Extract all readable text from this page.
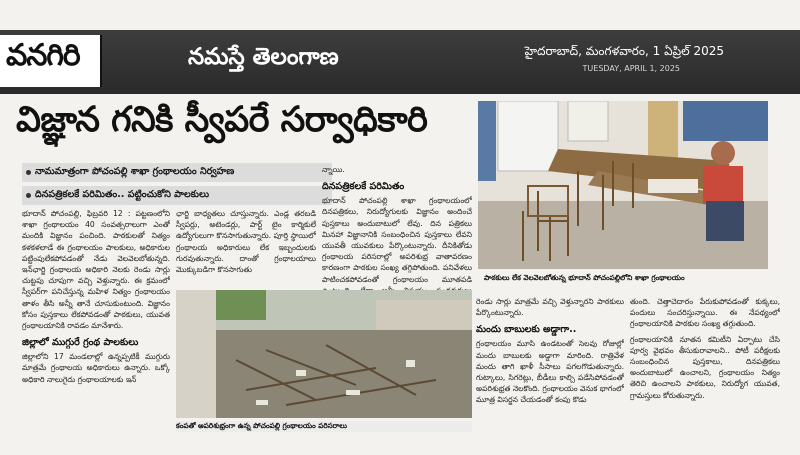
వనగిరి	నమస్తే తెలంగాణ	హైదరాబాద్, మంగళవారం, 1 ఏప్రిల్ 2025
TUESDAY, APRIL 1, 2025
విజ్ఞాన గనికి స్వీపరే సర్వాధికారి
నామమాత్రంగా పోచంపల్లి శాఖా గ్రంథాలయం నిర్వహణ
దినపత్రికలకే పరిమితం.. పట్టించుకోని పాలకులు

భూదాన్ పోచంపల్లి, ఫిబ్రవరి 12 : పట్టణంలోని శాఖా గ్రంథాలయం 40 సంవత్సరాలుగా ఎంతో మందికి విజ్ఞానం పంచింది. పాఠకులతో నిత్యం కళకళలాడే ఈ గ్రంథాలయం పాలకులు, అధికారుల పట్టింపులేకపోవడంతో నేడు వెలవెలబోతున్నది. ఇన్‌ఛార్జి గ్రంథాలయ అధికారి నెలకు రెండు సార్లు చుట్టపు చూపుగా వచ్చి వెళ్తున్నారు. ఈ క్రమంలో స్వీపర్‌గా పనిచేస్తున్న మహిళ నిత్యం గ్రంథాలయం తాళం తీసి అన్నీ తానే చూసుకుంటుంది. విజ్ఞానం కోసం పుస్తకాలు లేకపోవడంతో పాఠకులు, యువత గ్రంథాలయానికి రావడం మానేశారు.

జిల్లాలో ముగ్గురే గ్రంథ పాలకులు

జిల్లాలోని 17 మండలాల్లో ఉన్నప్పటికీ ముగ్గురు మాత్రమే గ్రంథాలయ అధికారులు ఉన్నారు. ఒక్కో అధికారి నాలుగైదు గ్రంథాలయాలకు ఇన్

ఛార్జి బాధ్యతలు చూస్తున్నారు. ఎండ్ల తరబడి స్వీపర్లు, అటెండర్లు, పార్ట్ టైం కార్మికులే ఉద్యోగులుగా కొనసాగుతున్నారు. పూర్తి స్థాయిలో గ్రంథాలయ అధికారులు లేక ఇబ్బందులకు గురవుతున్నారు. దాంతో గ్రంథాలయాలు మొక్కుబడిగా కొనసాగుతు

న్నాయి.

దినపత్రికలకే పరిమితం

భూదాన్ పోచంపల్లి శాఖా గ్రంథాలయంలో దినపత్రికలు, నిరుద్యోగులకు విజ్ఞానం అందించే పుస్తకాలు అందుబాటులో లేవు. దిన పత్రికలు మినహా విజ్ఞానానికి సంబంధించిన పుస్తకాలు లేవని యువతీ యువకులు పేర్కొంటున్నారు. దీనికితోడు గ్రంథాలయ పరిసరాల్లో అపరిశుభ్ర వాతావరణం కారణంగా పాఠకుల సంఖ్య తగ్గిపోతుంది. పనివేళలు పాటించకపోవడంతో గ్రంథాలయం మూతపడి

రెండు సార్లు మాత్రమే వచ్చి వెళ్తున్నారని పాఠకులు పేర్కొంటున్నారు.

మందు బాబులకు అడ్డాగా..

గ్రంథాలయం మూసి ఉండటంతో సెలవు రోజుల్లో మందు బాబులకు అడ్డాగా మారింది. రాత్రివేళ మందు తాగి ఖాళీ సీసాలు పగలగొడుతున్నారు. గుట్కాలు, సిగరెట్లు, బీడీలు కాల్చి పడేసిపోవడంతో అపరిశుభ్రత నెలకొంది. గ్రంథాలయం వెనుక భాగంలో మూత్ర విసర్జన చేయడంతో కంపు కొడు

తుంది. చెత్తాచెదారం పేరుకుపోవడంతో కుక్కలు, పందులు సంచరిస్తున్నాయి. ఈ నేపథ్యంలో గ్రంథాలయానికి పాఠకుల సంఖ్య తగ్గుతుంది.

గ్రంథాలయానికి నూతన కమిటీని ఏర్పాటు చేసి పూర్వ వైభవం తీసుకురావాలని.. పోటీ పరీక్షలకు సంబంధించిన పుస్తకాలు, దినపత్రికలు అందుబాటులో ఉంచాలని, గ్రంథాలయం నిత్యం తెరిచి ఉంచాలని పాఠకులు, నిరుద్యోగ యువత, గ్రామస్తులు కోరుతున్నారు.

పాఠకులు లేక వెలవెలబోతున్న భూదాన్ పోచంపల్లిలోని శాఖా గ్రంథాలయం
కంపతో అపరిశుభ్రంగా ఉన్న పోచంపల్లి గ్రంథాలయం పరిసరాలు
